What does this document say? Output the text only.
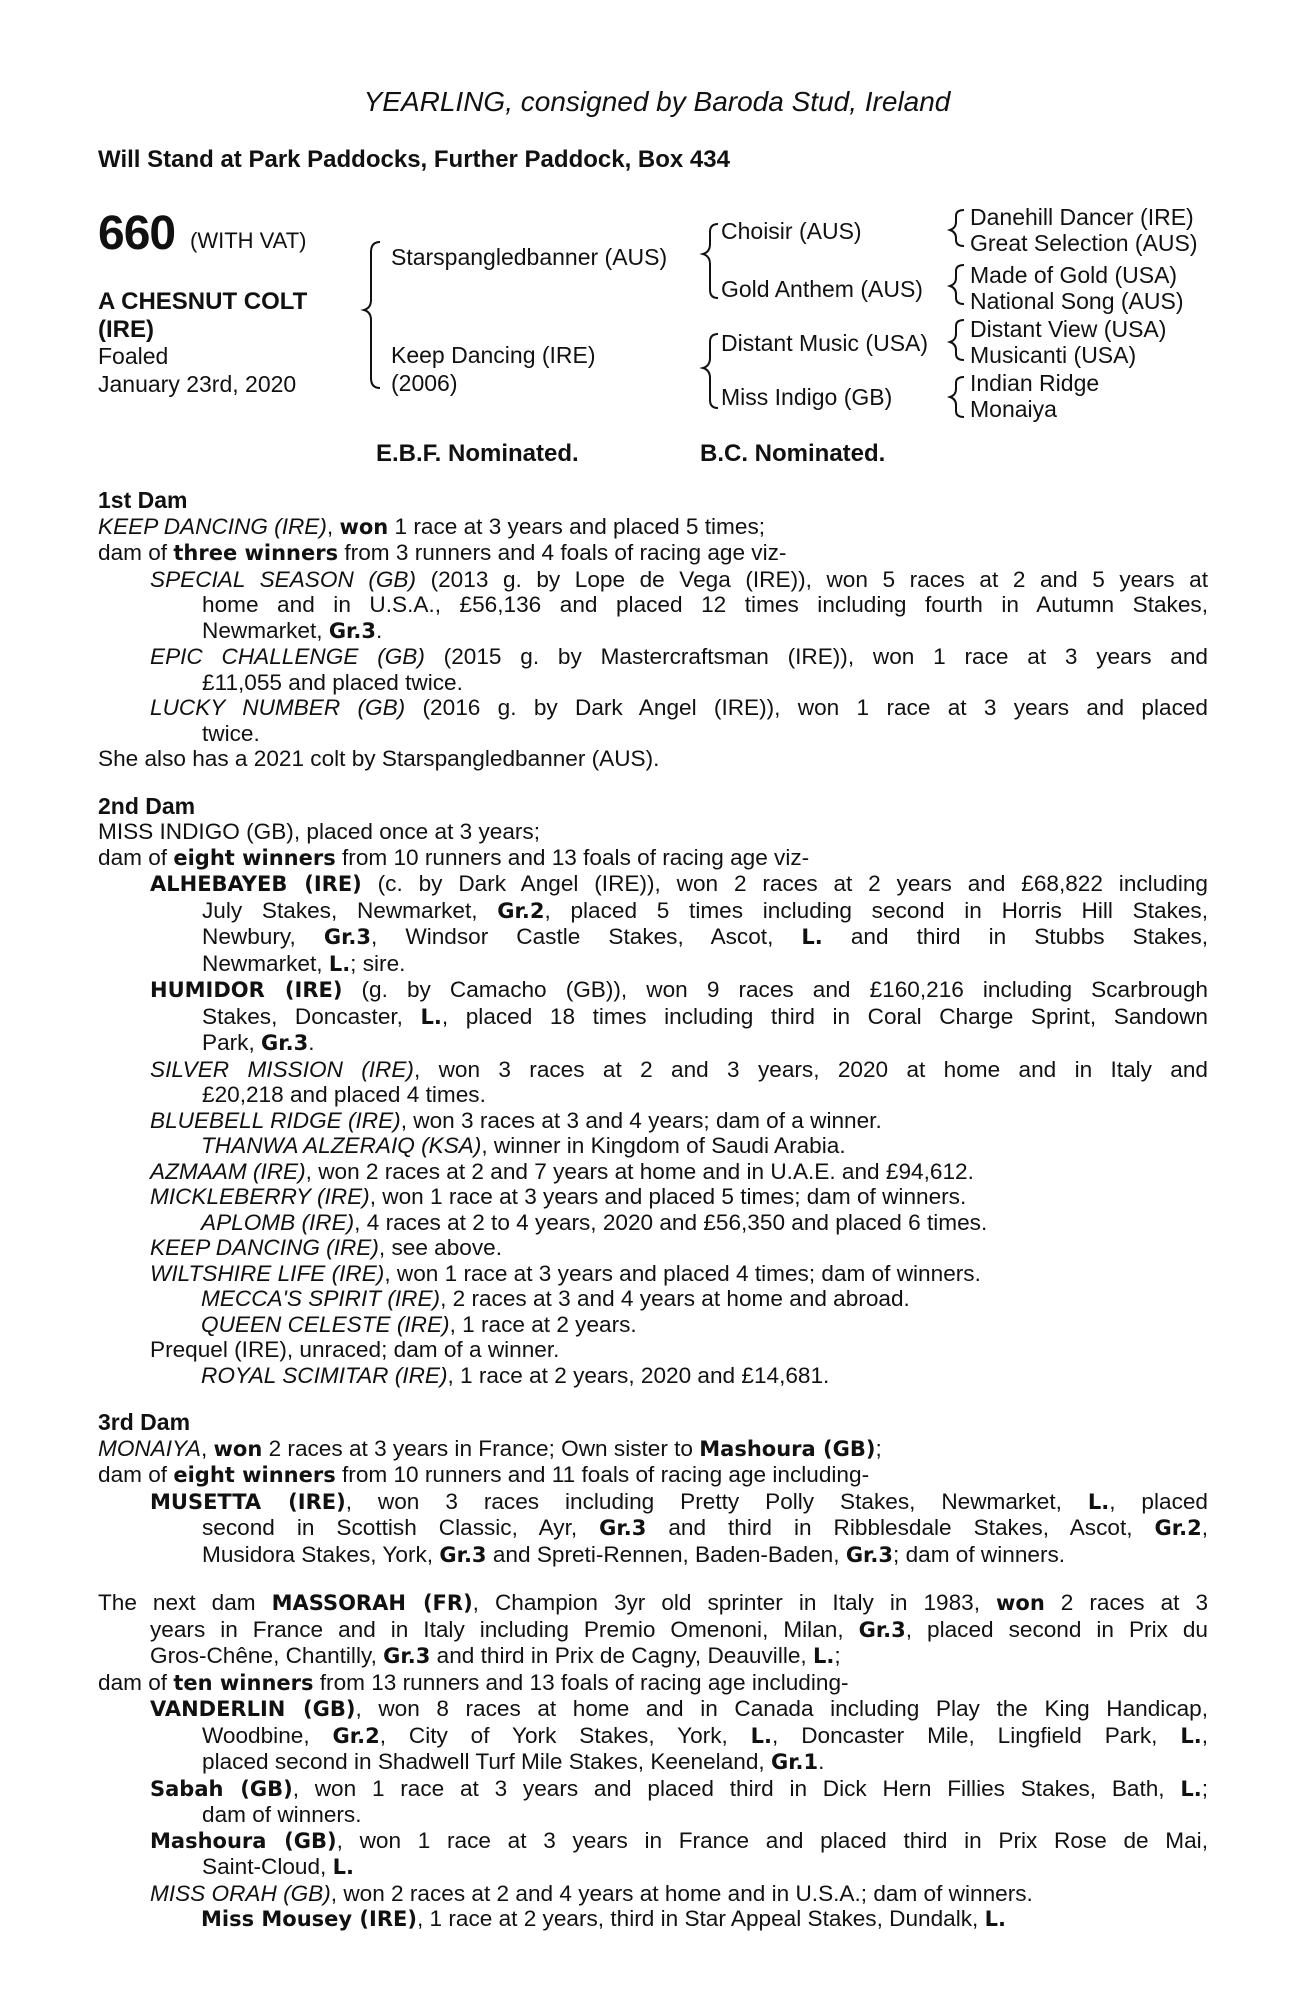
YEARLING, consigned by Baroda Stud, Ireland
Will Stand at Park Paddocks, Further Paddock, Box 434
660 (WITH VAT)
A CHESNUT COLT
(IRE)
Foaled
January 23rd, 2020
Starspangledbanner (AUS)
Keep Dancing (IRE)
(2006)
Choisir (AUS)
Gold Anthem (AUS)
Distant Music (USA)
Miss Indigo (GB)
Danehill Dancer (IRE)
Great Selection (AUS)
Made of Gold (USA)
National Song (AUS)
Distant View (USA)
Musicanti (USA)
Indian Ridge
Monaiya
E.B.F. Nominated.	B.C. Nominated.
1st Dam
KEEP DANCING (IRE), won 1 race at 3 years and placed 5 times;
dam of three winners from 3 runners and 4 foals of racing age viz-
SPECIAL SEASON (GB) (2013 g. by Lope de Vega (IRE)), won 5 races at 2 and 5 years at
home and in U.S.A., £56,136 and placed 12 times including fourth in Autumn Stakes,
Newmarket, Gr.3.
EPIC CHALLENGE (GB) (2015 g. by Mastercraftsman (IRE)), won 1 race at 3 years and
£11,055 and placed twice.
LUCKY NUMBER (GB) (2016 g. by Dark Angel (IRE)), won 1 race at 3 years and placed
twice.
She also has a 2021 colt by Starspangledbanner (AUS).
2nd Dam
MISS INDIGO (GB), placed once at 3 years;
dam of eight winners from 10 runners and 13 foals of racing age viz-
ALHEBAYEB (IRE) (c. by Dark Angel (IRE)), won 2 races at 2 years and £68,822 including
July Stakes, Newmarket, Gr.2, placed 5 times including second in Horris Hill Stakes,
Newbury, Gr.3, Windsor Castle Stakes, Ascot, L. and third in Stubbs Stakes,
Newmarket, L.; sire.
HUMIDOR (IRE) (g. by Camacho (GB)), won 9 races and £160,216 including Scarbrough
Stakes, Doncaster, L., placed 18 times including third in Coral Charge Sprint, Sandown
Park, Gr.3.
SILVER MISSION (IRE), won 3 races at 2 and 3 years, 2020 at home and in Italy and
£20,218 and placed 4 times.
BLUEBELL RIDGE (IRE), won 3 races at 3 and 4 years; dam of a winner.
THANWA ALZERAIQ (KSA), winner in Kingdom of Saudi Arabia.
AZMAAM (IRE), won 2 races at 2 and 7 years at home and in U.A.E. and £94,612.
MICKLEBERRY (IRE), won 1 race at 3 years and placed 5 times; dam of winners.
APLOMB (IRE), 4 races at 2 to 4 years, 2020 and £56,350 and placed 6 times.
KEEP DANCING (IRE), see above.
WILTSHIRE LIFE (IRE), won 1 race at 3 years and placed 4 times; dam of winners.
MECCA'S SPIRIT (IRE), 2 races at 3 and 4 years at home and abroad.
QUEEN CELESTE (IRE), 1 race at 2 years.
Prequel (IRE), unraced; dam of a winner.
ROYAL SCIMITAR (IRE), 1 race at 2 years, 2020 and £14,681.
3rd Dam
MONAIYA, won 2 races at 3 years in France; Own sister to Mashoura (GB);
dam of eight winners from 10 runners and 11 foals of racing age including-
MUSETTA (IRE), won 3 races including Pretty Polly Stakes, Newmarket, L., placed
second in Scottish Classic, Ayr, Gr.3 and third in Ribblesdale Stakes, Ascot, Gr.2,
Musidora Stakes, York, Gr.3 and Spreti-Rennen, Baden-Baden, Gr.3; dam of winners.
The next dam MASSORAH (FR), Champion 3yr old sprinter in Italy in 1983, won 2 races at 3
years in France and in Italy including Premio Omenoni, Milan, Gr.3, placed second in Prix du
Gros-Chêne, Chantilly, Gr.3 and third in Prix de Cagny, Deauville, L.;
dam of ten winners from 13 runners and 13 foals of racing age including-
VANDERLIN (GB), won 8 races at home and in Canada including Play the King Handicap,
Woodbine, Gr.2, City of York Stakes, York, L., Doncaster Mile, Lingfield Park, L.,
placed second in Shadwell Turf Mile Stakes, Keeneland, Gr.1.
Sabah (GB), won 1 race at 3 years and placed third in Dick Hern Fillies Stakes, Bath, L.;
dam of winners.
Mashoura (GB), won 1 race at 3 years in France and placed third in Prix Rose de Mai,
Saint-Cloud, L.
MISS ORAH (GB), won 2 races at 2 and 4 years at home and in U.S.A.; dam of winners.
Miss Mousey (IRE), 1 race at 2 years, third in Star Appeal Stakes, Dundalk, L.
